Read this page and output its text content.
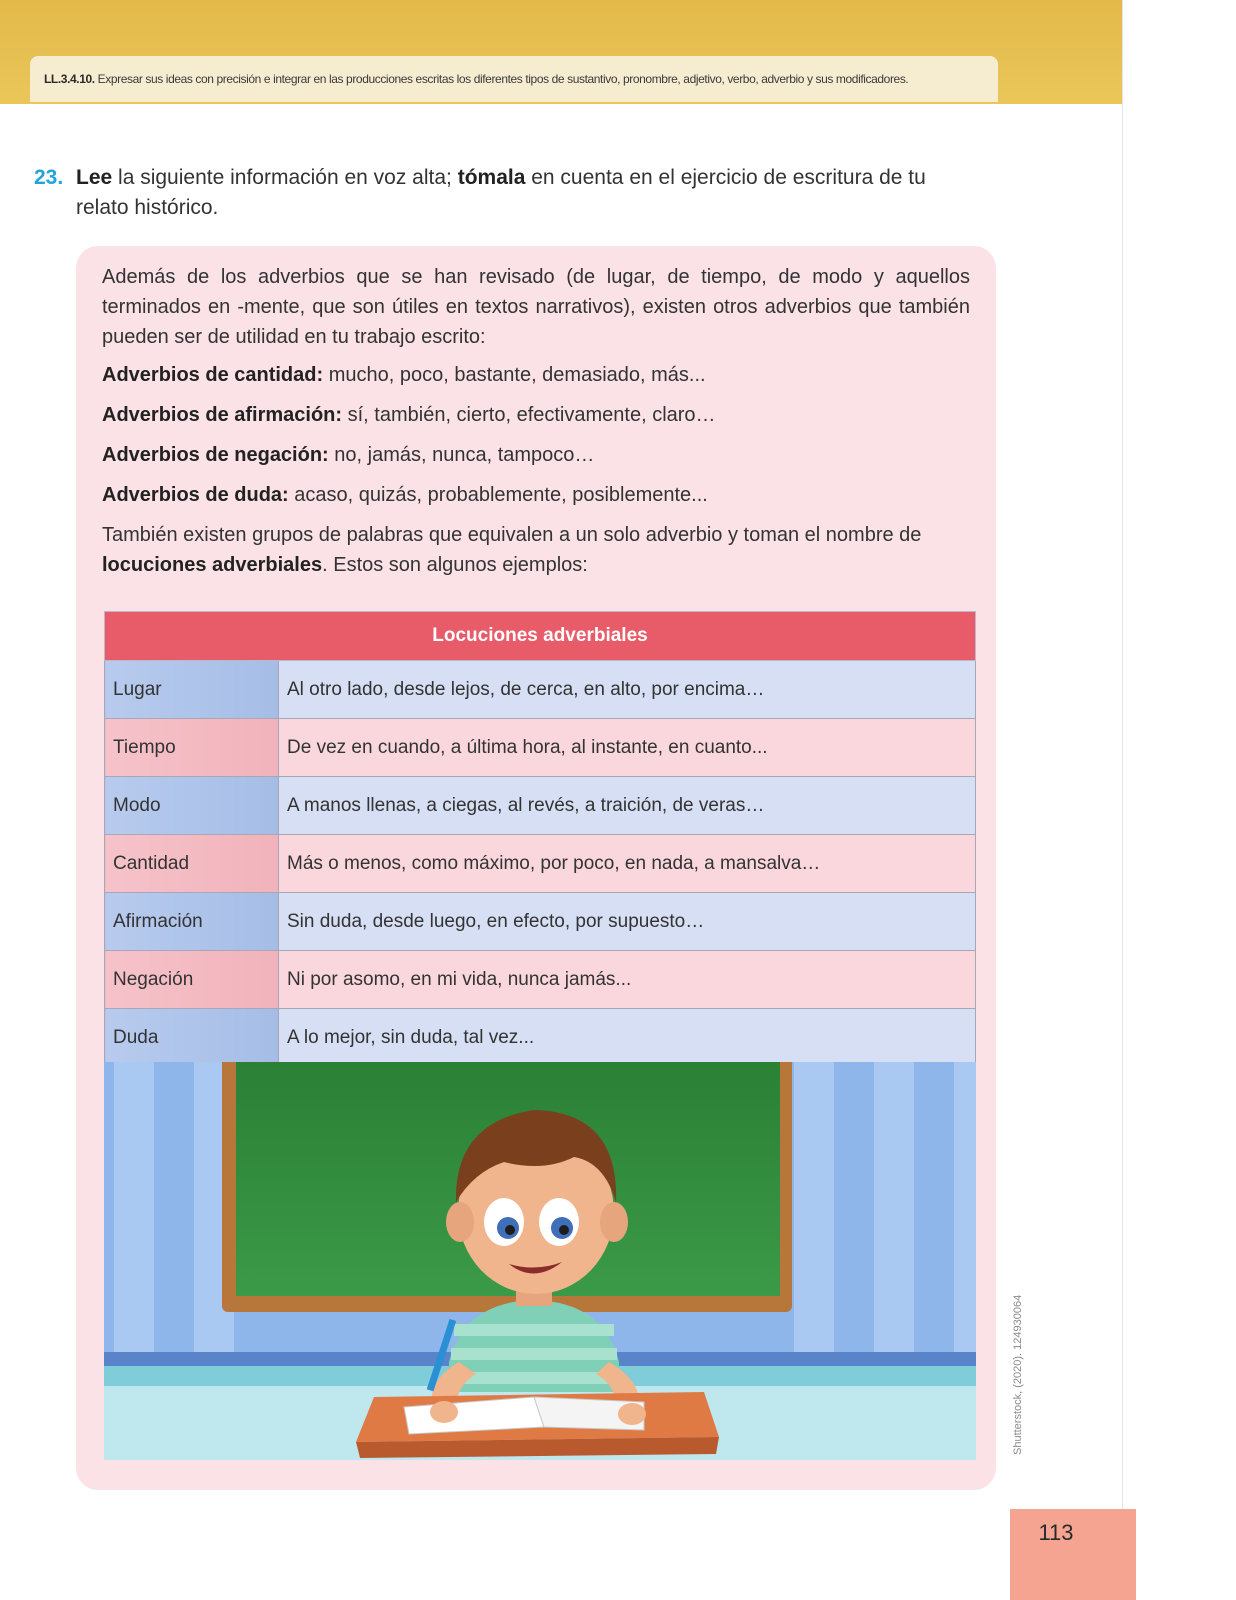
LL.3.4.10. Expresar sus ideas con precisión e integrar en las producciones escritas los diferentes tipos de sustantivo, pronombre, adjetivo, verbo, adverbio y sus modificadores.
23. Lee la siguiente información en voz alta; tómala en cuenta en el ejercicio de escritura de tu relato histórico.
Además de los adverbios que se han revisado (de lugar, de tiempo, de modo y aquellos terminados en -mente, que son útiles en textos narrativos), existen otros adverbios que también pueden ser de utilidad en tu trabajo escrito:
Adverbios de cantidad: mucho, poco, bastante, demasiado, más...
Adverbios de afirmación: sí, también, cierto, efectivamente, claro…
Adverbios de negación: no, jamás, nunca, tampoco…
Adverbios de duda: acaso, quizás, probablemente, posiblemente...
También existen grupos de palabras que equivalen a un solo adverbio y toman el nombre de locuciones adverbiales. Estos son algunos ejemplos:
Locuciones adverbiales	
Lugar	Al otro lado, desde lejos, de cerca, en alto, por encima…
Tiempo	De vez en cuando, a última hora, al instante, en cuanto...
Modo	A manos llenas, a ciegas, al revés, a traición, de veras…
Cantidad	Más o menos, como máximo, por poco, en nada, a mansalva…
Afirmación	Sin duda, desde luego, en efecto, por supuesto…
Negación	Ni por asomo, en mi vida, nunca jamás...
Duda	A lo mejor, sin duda, tal vez...
Shutterstock, (2020). 124930064
113
